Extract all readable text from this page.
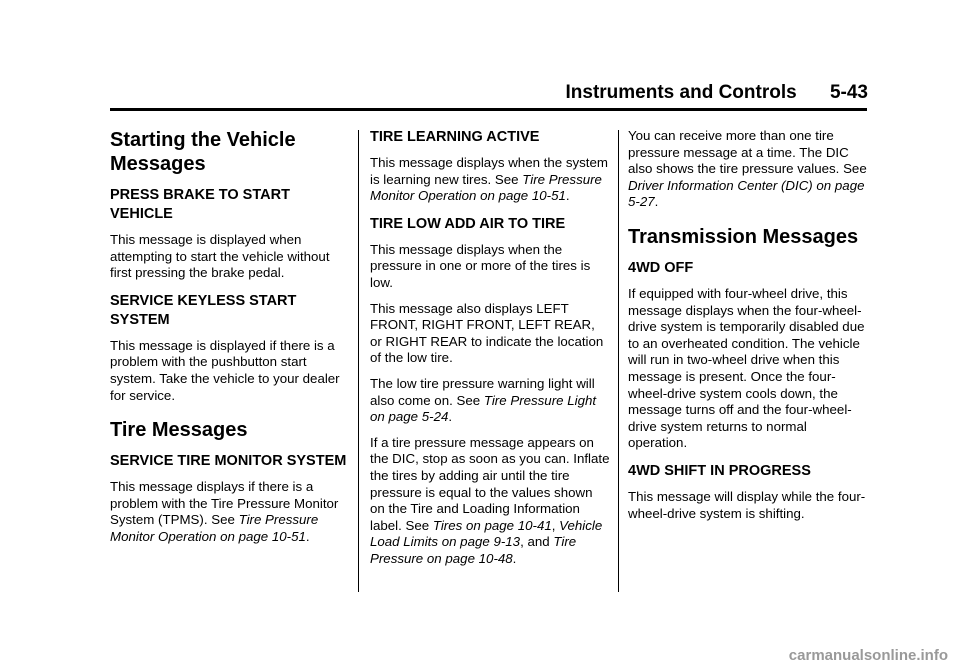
Instruments and Controls 5-43
Starting the Vehicle Messages
PRESS BRAKE TO START VEHICLE

This message is displayed when attempting to start the vehicle without first pressing the brake pedal.

SERVICE KEYLESS START SYSTEM

This message is displayed if there is a problem with the pushbutton start system. Take the vehicle to your dealer for service.

Tire Messages
SERVICE TIRE MONITOR SYSTEM

This message displays if there is a problem with the Tire Pressure Monitor System (TPMS). See Tire Pressure Monitor Operation on page 10-51.

TIRE LEARNING ACTIVE

This message displays when the system is learning new tires. See Tire Pressure Monitor Operation on page 10-51.

TIRE LOW ADD AIR TO TIRE

This message displays when the pressure in one or more of the tires is low.

This message also displays LEFT FRONT, RIGHT FRONT, LEFT REAR, or RIGHT REAR to indicate the location of the low tire.

The low tire pressure warning light will also come on. See Tire Pressure Light on page 5-24.

If a tire pressure message appears on the DIC, stop as soon as you can. Inflate the tires by adding air until the tire pressure is equal to the values shown on the Tire and Loading Information label. See Tires on page 10-41, Vehicle Load Limits on page 9-13, and Tire Pressure on page 10-48.

You can receive more than one tire pressure message at a time. The DIC also shows the tire pressure values. See Driver Information Center (DIC) on page 5-27.

Transmission Messages
4WD OFF

If equipped with four-wheel drive, this message displays when the four-wheel-drive system is temporarily disabled due to an overheated condition. The vehicle will run in two-wheel drive when this message is present. Once the four-wheel-drive system cools down, the message turns off and the four-wheel-drive system returns to normal operation.

4WD SHIFT IN PROGRESS

This message will display while the four-wheel-drive system is shifting.

carmanualsonline.info
